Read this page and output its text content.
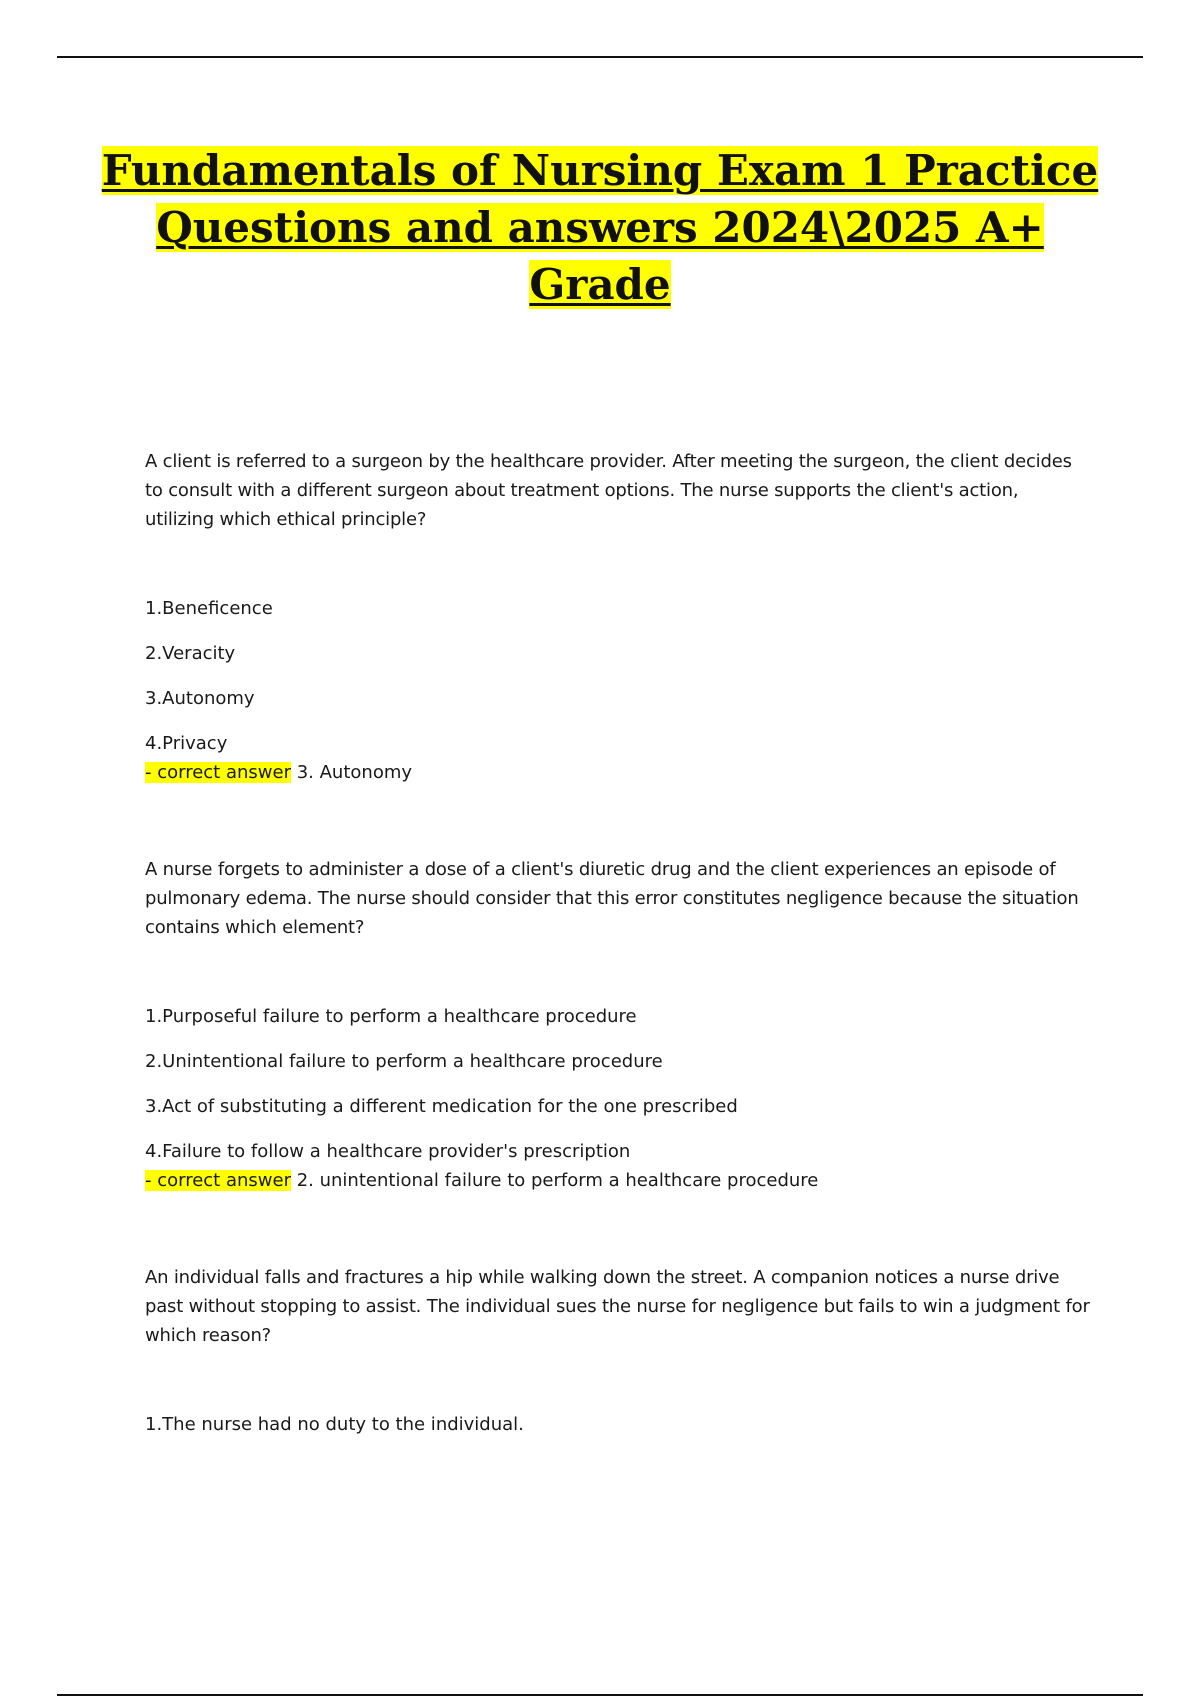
Fundamentals of Nursing Exam 1 Practice Questions and answers 2024\2025 A+ Grade

A client is referred to a surgeon by the healthcare provider. After meeting the surgeon, the client decides to consult with a different surgeon about treatment options. The nurse supports the client's action, utilizing which ethical principle?

1.Beneficence
2.Veracity
3.Autonomy
4.Privacy

- correct answer 3. Autonomy

A nurse forgets to administer a dose of a client's diuretic drug and the client experiences an episode of pulmonary edema. The nurse should consider that this error constitutes negligence because the situation contains which element?

1.Purposeful failure to perform a healthcare procedure
2.Unintentional failure to perform a healthcare procedure
3.Act of substituting a different medication for the one prescribed
4.Failure to follow a healthcare provider's prescription

- correct answer 2. unintentional failure to perform a healthcare procedure

An individual falls and fractures a hip while walking down the street. A companion notices a nurse drive past without stopping to assist. The individual sues the nurse for negligence but fails to win a judgment for which reason?

1.The nurse had no duty to the individual.
